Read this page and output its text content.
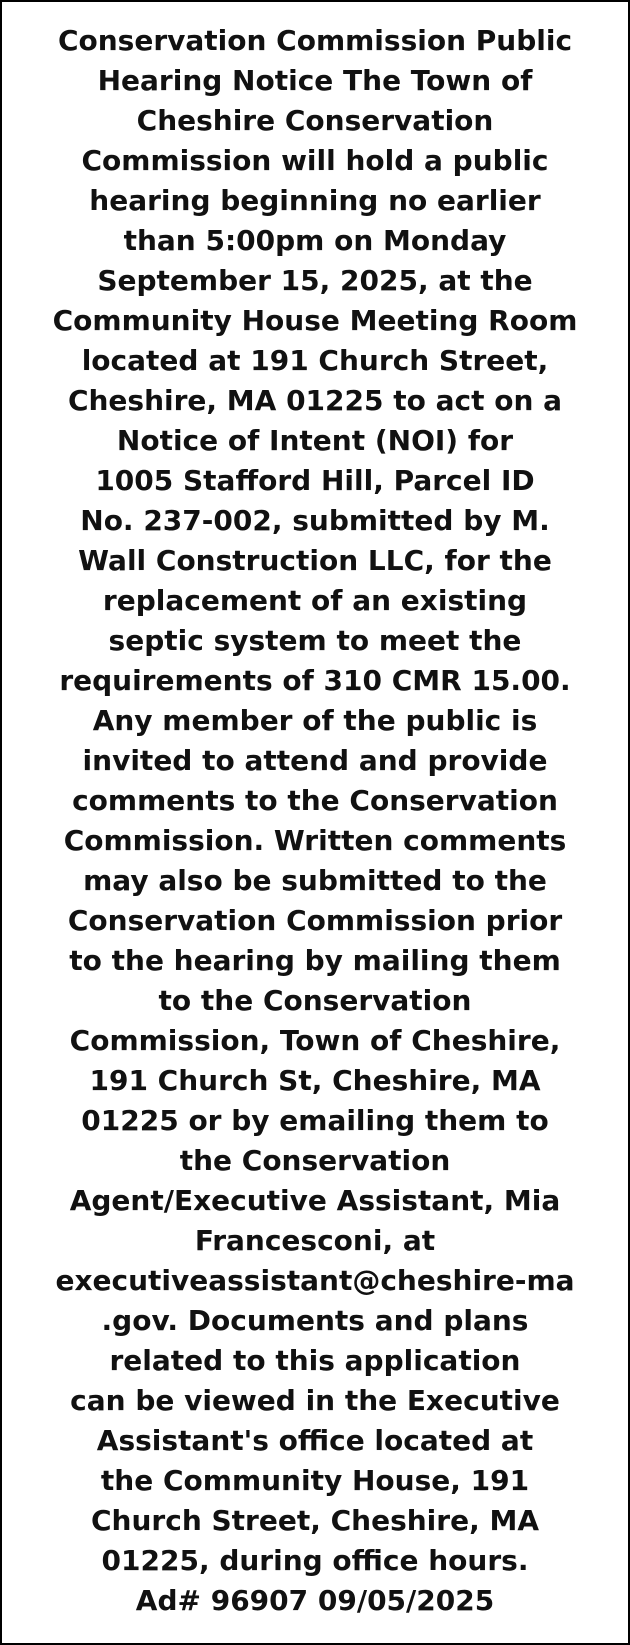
Conservation Commission Public
Hearing Notice The Town of
Cheshire Conservation
Commission will hold a public
hearing beginning no earlier
than 5:00pm on Monday
September 15, 2025, at the
Community House Meeting Room
located at 191 Church Street,
Cheshire, MA 01225 to act on a
Notice of Intent (NOI) for
1005 Stafford Hill, Parcel ID
No. 237-002, submitted by M.
Wall Construction LLC, for the
replacement of an existing
septic system to meet the
requirements of 310 CMR 15.00.
Any member of the public is
invited to attend and provide
comments to the Conservation
Commission. Written comments
may also be submitted to the
Conservation Commission prior
to the hearing by mailing them
to the Conservation
Commission, Town of Cheshire,
191 Church St, Cheshire, MA
01225 or by emailing them to
the Conservation
Agent/Executive Assistant, Mia
Francesconi, at
executiveassistant@cheshire-ma
.gov. Documents and plans
related to this application
can be viewed in the Executive
Assistant's office located at
the Community House, 191
Church Street, Cheshire, MA
01225, during office hours.
Ad# 96907 09/05/2025
